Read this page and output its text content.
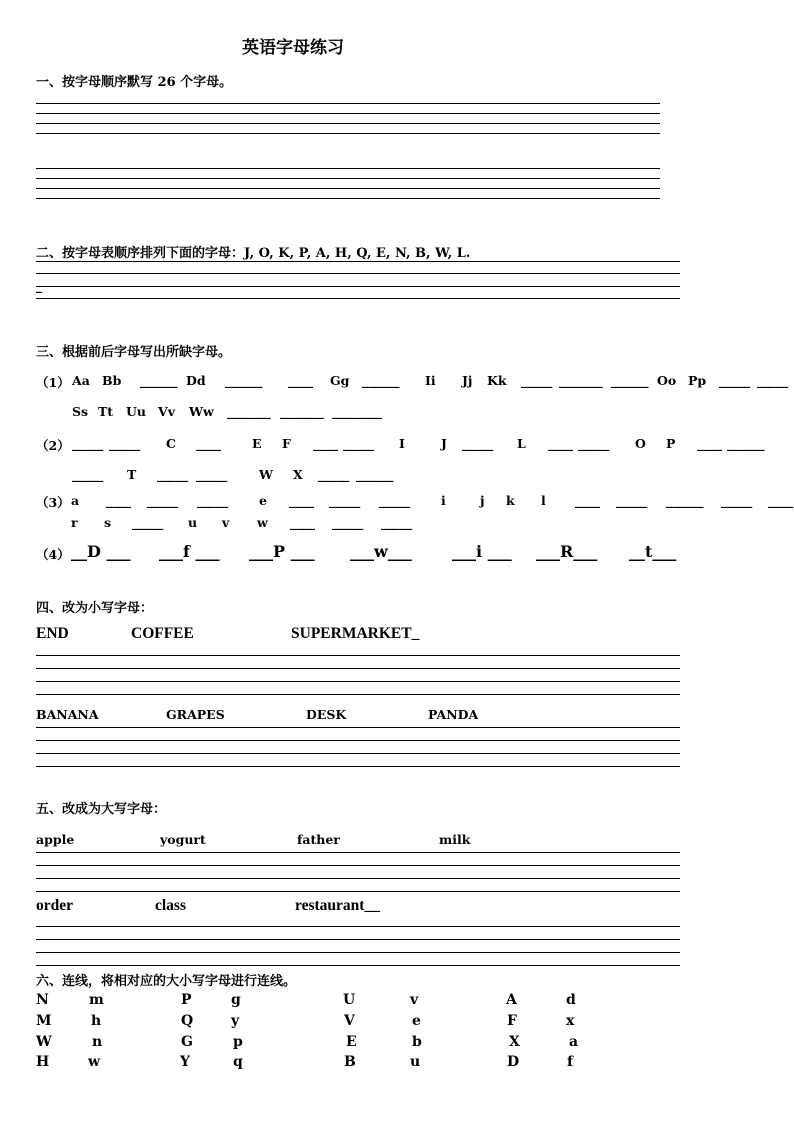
英语字母练习
一、按字母顺序默写 26 个字母。
二、按字母表顺序排列下面的字母：J, O, K, P, A, H, Q, E, N, B, W, L.
_
三、根据前后字母写出所缺字母。
（1） Aa Bb ______ Dd ______ ____ Gg ______ Ii Jj Kk _____ _______ ______ Oo Pp _____ _____
Ss Tt Uu Vv Ww _______ _______ ________
（2） _____ _____ C ____ E F ____ _____ I	J _____ L ____ _____ O P ____ ______
_____ T _____ _____	W X _____ ______
（3） a ____ _____ _____ e ____ _____ _____ i	j k l ____ _____ ______ _____ ____
r s _____ u v w ____ _____ _____
（4） __D ___ ___f ___ ___P ___ ___w___	___i ___ ___R___ __t___
四、改为小写字母：
END	COFFEE	SUPERMARKET_
BANANA	GRAPES	DESK	PANDA
五、改成为大写字母：
apple	yogurt	father	milk
order	class	restaurant__
六、连线，将相对应的大小写字母进行连线。
N	m	P	g	U	v	A	d
M	h	Q	y	V	e	F	x
W	n	G	p	E	b	X	a
H	w	Y	q	B	u	D	f
